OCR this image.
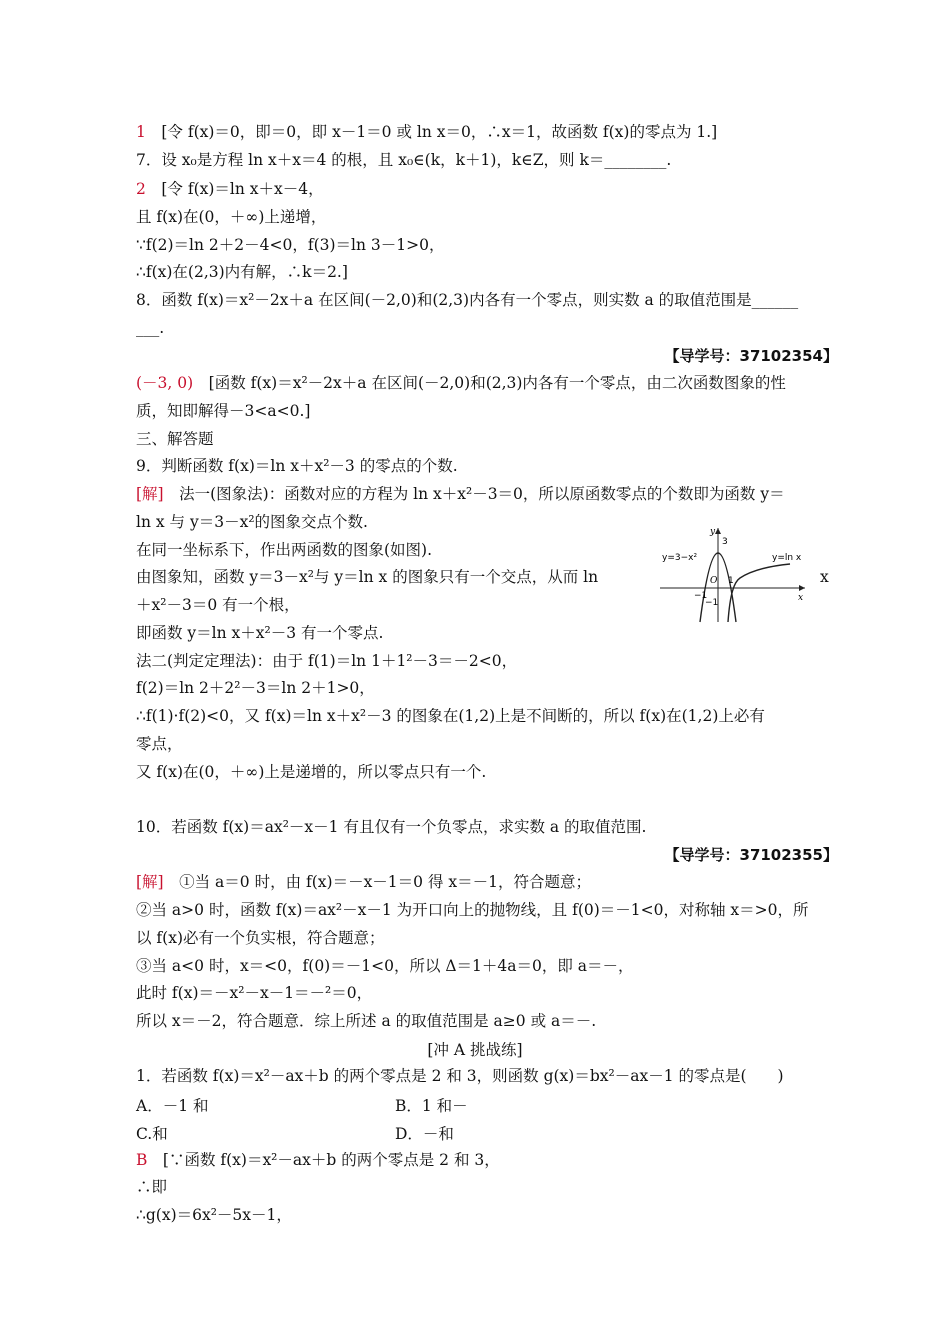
1　[令 f(x)＝0，即＝0，即 x－1＝0 或 ln x＝0，∴x＝1，故函数 f(x)的零点为 1.]
7．设 x₀是方程 ln x＋x＝4 的根，且 x₀∈(k，k＋1)，k∈Z，则 k＝________.
2　[令 f(x)＝ln x＋x－4，
且 f(x)在(0，＋∞)上递增，
∵f(2)＝ln 2＋2－4<0，f(3)＝ln 3－1>0，
∴f(x)在(2,3)内有解，∴k＝2.]
8．函数 f(x)＝x²－2x＋a 在区间(－2,0)和(2,3)内各有一个零点，则实数 a 的取值范围是______
___.
(－3, 0)　[函数 f(x)＝x²－2x＋a 在区间(－2,0)和(2,3)内各有一个零点，由二次函数图象的性
质，知即解得－3<a<0.]
三、解答题
9．判断函数 f(x)＝ln x＋x²－3 的零点的个数.
[解]　法一(图象法)：函数对应的方程为 ln x＋x²－3＝0，所以原函数零点的个数即为函数 y＝
ln x 与 y＝3－x²的图象交点个数.
在同一坐标系下，作出两函数的图象(如图).
由图象知，函数 y＝3－x²与 y＝ln x 的图象只有一个交点，从而 ln
＋x²－3＝0 有一个根，
即函数 y＝ln x＋x²－3 有一个零点.
法二(判定定理法)：由于 f(1)＝ln 1＋1²－3＝－2<0，
f(2)＝ln 2＋2²－3＝ln 2＋1>0，
∴f(1)·f(2)<0，又 f(x)＝ln x＋x²－3 的图象在(1,2)上是不间断的，所以 f(x)在(1,2)上必有
零点，
又 f(x)在(0，＋∞)上是递增的，所以零点只有一个.
10．若函数 f(x)＝ax²－x－1 有且仅有一个负零点，求实数 a 的取值范围.
[解]　①当 a＝0 时，由 f(x)＝－x－1＝0 得 x＝－1，符合题意；
②当 a>0 时，函数 f(x)＝ax²－x－1 为开口向上的抛物线，且 f(0)＝－1<0，对称轴 x＝>0，所
以 f(x)必有一个负实根，符合题意；
③当 a<0 时，x＝<0，f(0)＝－1<0，所以 Δ＝1＋4a＝0，即 a＝－，
此时 f(x)＝－x²－x－1＝－²＝0，
所以 x＝－2，符合题意．综上所述 a 的取值范围是 a≥0 或 a＝－.
1．若函数 f(x)＝x²－ax＋b 的两个零点是 2 和 3，则函数 g(x)＝bx²－ax－1 的零点是(　　)
B　[∵函数 f(x)＝x²－ax＋b 的两个零点是 2 和 3，
∴即
∴g(x)＝6x²－5x－1，
【导学号：37102354】
【导学号：37102355】
[冲 A 挑战练]
A．－1 和	B．1 和－
C.和	D．－和
x
y=3−x²	y=ln x
y
x
3
O 1
−1
−1
